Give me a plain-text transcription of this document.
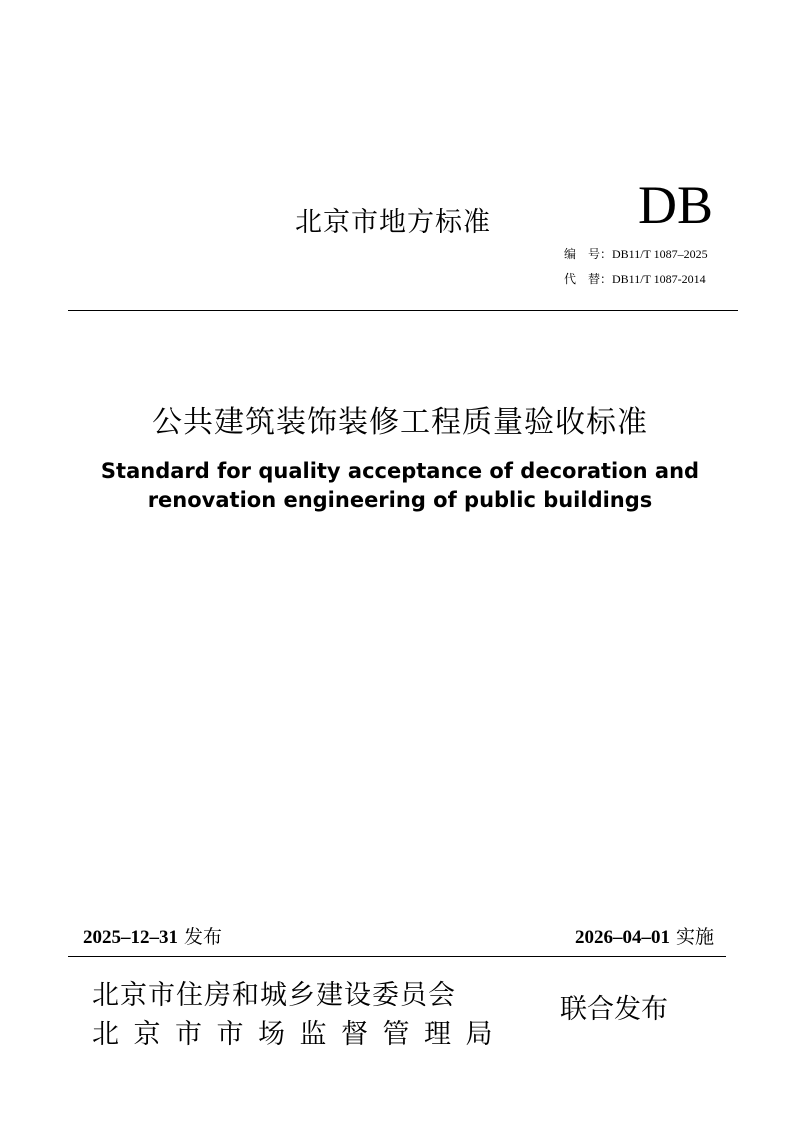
北京市地方标准	DB
编　号：DB11/T 1087–2025
代　替：DB11/T 1087-2014
公共建筑装饰装修工程质量验收标准
Standard for quality acceptance of decoration and
renovation engineering of public buildings
2025–12–31 发布	2026–04–01 实施
北京市住房和城乡建设委员会
北京市市场监督管理局
联合发布
